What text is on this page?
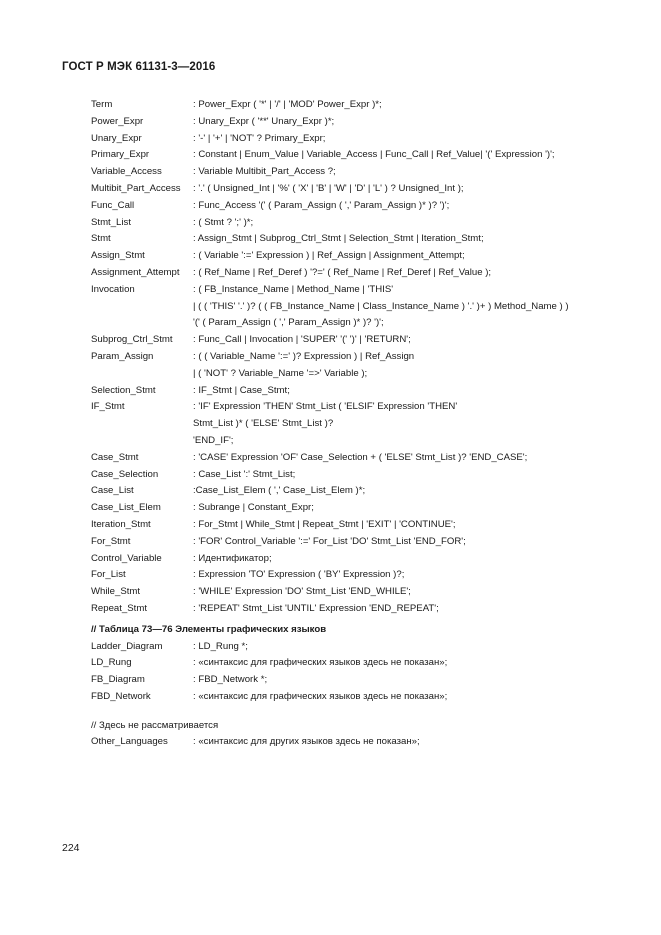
ГОСТ Р МЭК 61131-3—2016
Term	: Power_Expr ( '*' | '/' | 'MOD' Power_Expr )*;
Power_Expr	: Unary_Expr ( '**' Unary_Expr )*;
Unary_Expr	: '-' | '+' | 'NOT' ? Primary_Expr;
Primary_Expr	: Constant | Enum_Value | Variable_Access | Func_Call | Ref_Value| '(' Expression ')';
Variable_Access	: Variable Multibit_Part_Access ?;
Multibit_Part_Access	: '.' ( Unsigned_Int | '%' ( 'X' | 'B' | 'W' | 'D' | 'L' ) ? Unsigned_Int );
Func_Call	: Func_Access '(' ( Param_Assign ( ',' Param_Assign )* )? ')';
Stmt_List	: ( Stmt ? ';' )*;
Stmt	: Assign_Stmt | Subprog_Ctrl_Stmt | Selection_Stmt | Iteration_Stmt;
Assign_Stmt	: ( Variable ':=' Expression ) | Ref_Assign | Assignment_Attempt;
Assignment_Attempt	: ( Ref_Name | Ref_Deref ) '?=' ( Ref_Name | Ref_Deref | Ref_Value );
Invocation	: ( FB_Instance_Name | Method_Name | 'THIS'
| ( ( 'THIS' '.' )? ( ( FB_Instance_Name | Class_Instance_Name ) '.' )+ ) Method_Name ) )
'(' ( Param_Assign ( ',' Param_Assign )* )? ')';
Subprog_Ctrl_Stmt	: Func_Call | Invocation | 'SUPER' '(' ')' | 'RETURN';
Param_Assign	: ( ( Variable_Name ':=' )? Expression ) | Ref_Assign
| ( 'NOT' ? Variable_Name '=>' Variable );
Selection_Stmt	: IF_Stmt | Case_Stmt;
IF_Stmt	: 'IF' Expression 'THEN' Stmt_List ( 'ELSIF' Expression 'THEN'
Stmt_List )* ( 'ELSE' Stmt_List )?
'END_IF';
Case_Stmt	: 'CASE' Expression 'OF' Case_Selection + ( 'ELSE' Stmt_List )? 'END_CASE';
Case_Selection	: Case_List ':' Stmt_List;
Case_List	:Case_List_Elem ( ',' Case_List_Elem )*;
Case_List_Elem	: Subrange | Constant_Expr;
Iteration_Stmt	: For_Stmt | While_Stmt | Repeat_Stmt | 'EXIT' | 'CONTINUE';
For_Stmt	: 'FOR' Control_Variable ':=' For_List 'DO' Stmt_List 'END_FOR';
Control_Variable	: Идентификатор;
For_List	: Expression 'TO' Expression ( 'BY' Expression )?;
While_Stmt	: 'WHILE' Expression 'DO' Stmt_List 'END_WHILE';
Repeat_Stmt	: 'REPEAT' Stmt_List 'UNTIL' Expression 'END_REPEAT';
// Таблица 73—76 Элементы графических языков
Ladder_Diagram	: LD_Rung *;
LD_Rung	: «синтаксис для графических языков здесь не показан»;
FB_Diagram	: FBD_Network *;
FBD_Network	: «синтаксис для графических языков здесь не показан»;
// Здесь не рассматривается
Other_Languages	: «синтаксис для других языков здесь не показан»;
224
